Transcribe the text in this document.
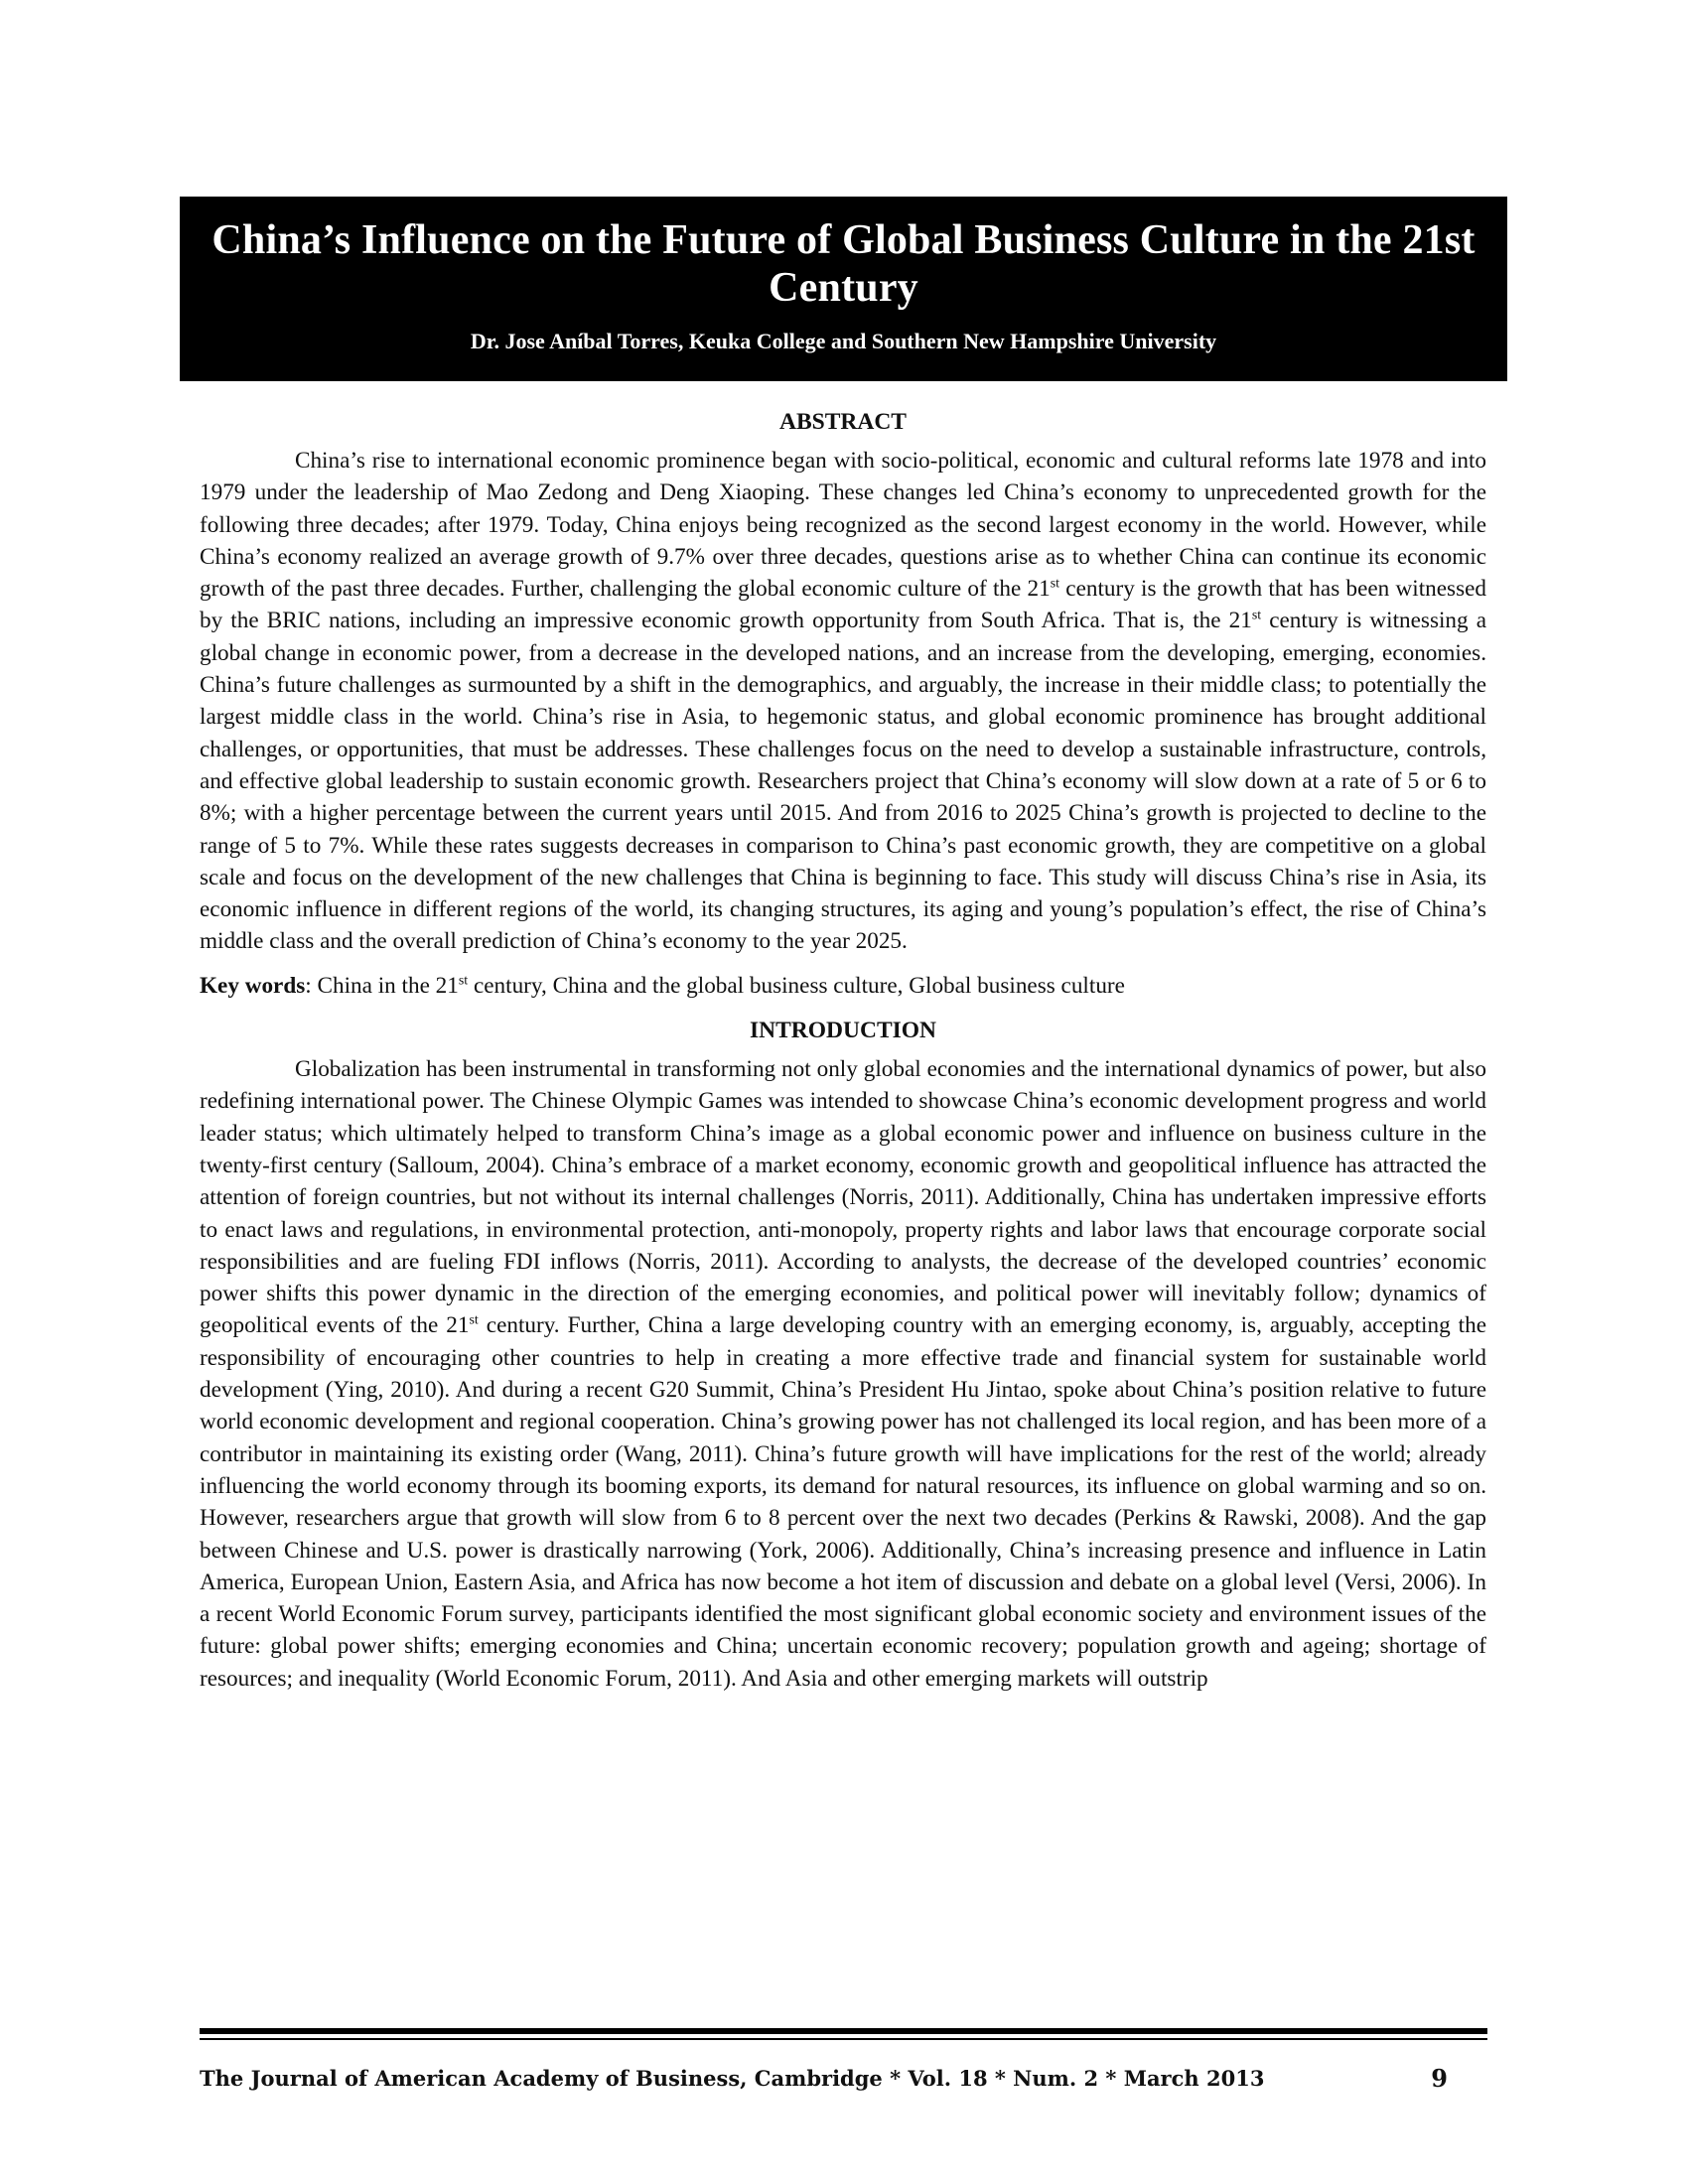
China’s Influence on the Future of Global Business Culture in the 21st Century
Dr. Jose Aníbal Torres, Keuka College and Southern New Hampshire University
ABSTRACT

China’s rise to international economic prominence began with socio-political, economic and cultural reforms late 1978 and into 1979 under the leadership of Mao Zedong and Deng Xiaoping. These changes led China’s economy to unprecedented growth for the following three decades; after 1979. Today, China enjoys being recognized as the second largest economy in the world. However, while China’s economy realized an average growth of 9.7% over three decades, questions arise as to whether China can continue its economic growth of the past three decades. Further, challenging the global economic culture of the 21st century is the growth that has been witnessed by the BRIC nations, including an impressive economic growth opportunity from South Africa. That is, the 21st century is witnessing a global change in economic power, from a decrease in the developed nations, and an increase from the developing, emerging, economies. China’s future challenges as surmounted by a shift in the demographics, and arguably, the increase in their middle class; to potentially the largest middle class in the world. China’s rise in Asia, to hegemonic status, and global economic prominence has brought additional challenges, or opportunities, that must be addresses. These challenges focus on the need to develop a sustainable infrastructure, controls, and effective global leadership to sustain economic growth. Researchers project that China’s economy will slow down at a rate of 5 or 6 to 8%; with a higher percentage between the current years until 2015. And from 2016 to 2025 China’s growth is projected to decline to the range of 5 to 7%. While these rates suggests decreases in comparison to China’s past economic growth, they are competitive on a global scale and focus on the development of the new challenges that China is beginning to face. This study will discuss China’s rise in Asia, its economic influence in different regions of the world, its changing structures, its aging and young’s population’s effect, the rise of China’s middle class and the overall prediction of China’s economy to the year 2025.

Key words: China in the 21st century, China and the global business culture, Global business culture

INTRODUCTION

Globalization has been instrumental in transforming not only global economies and the international dynamics of power, but also redefining international power. The Chinese Olympic Games was intended to showcase China’s economic development progress and world leader status; which ultimately helped to transform China’s image as a global economic power and influence on business culture in the twenty-first century (Salloum, 2004). China’s embrace of a market economy, economic growth and geopolitical influence has attracted the attention of foreign countries, but not without its internal challenges (Norris, 2011). Additionally, China has undertaken impressive efforts to enact laws and regulations, in environmental protection, anti-monopoly, property rights and labor laws that encourage corporate social responsibilities and are fueling FDI inflows (Norris, 2011). According to analysts, the decrease of the developed countries’ economic power shifts this power dynamic in the direction of the emerging economies, and political power will inevitably follow; dynamics of geopolitical events of the 21st century. Further, China a large developing country with an emerging economy, is, arguably, accepting the responsibility of encouraging other countries to help in creating a more effective trade and financial system for sustainable world development (Ying, 2010). And during a recent G20 Summit, China’s President Hu Jintao, spoke about China’s position relative to future world economic development and regional cooperation. China’s growing power has not challenged its local region, and has been more of a contributor in maintaining its existing order (Wang, 2011). China’s future growth will have implications for the rest of the world; already influencing the world economy through its booming exports, its demand for natural resources, its influence on global warming and so on. However, researchers argue that growth will slow from 6 to 8 percent over the next two decades (Perkins & Rawski, 2008). And the gap between Chinese and U.S. power is drastically narrowing (York, 2006). Additionally, China’s increasing presence and influence in Latin America, European Union, Eastern Asia, and Africa has now become a hot item of discussion and debate on a global level (Versi, 2006). In a recent World Economic Forum survey, participants identified the most significant global economic society and environment issues of the future: global power shifts; emerging economies and China; uncertain economic recovery; population growth and ageing; shortage of resources; and inequality (World Economic Forum, 2011). And Asia and other emerging markets will outstrip

The Journal of American Academy of Business, Cambridge * Vol. 18 * Num. 2 * March 2013	9
